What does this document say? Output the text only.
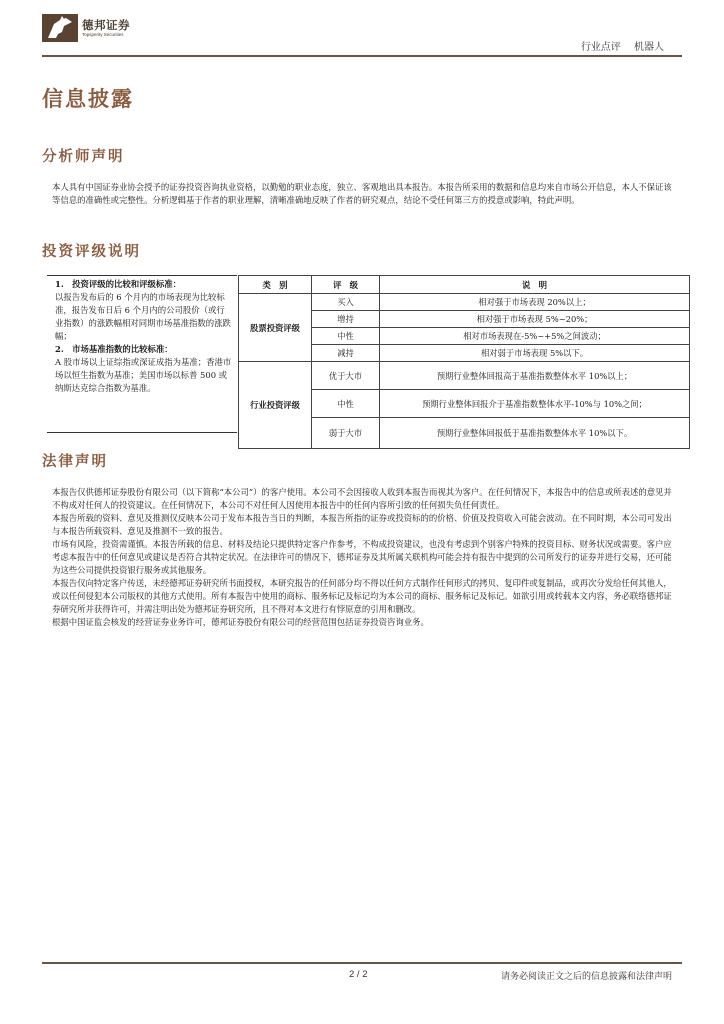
德邦证券
Topsperity Securities
行业点评 机器人
信息披露
分析师声明

本人具有中国证券业协会授予的证券投资咨询执业资格，以勤勉的职业态度，独立、客观地出具本报告。本报告所采用的数据和信息均来自市场公开信息，本人不保证该等信息的准确性或完整性。分析逻辑基于作者的职业理解，清晰准确地反映了作者的研究观点，结论不受任何第三方的授意或影响，特此声明。

投资评级说明

1.　投资评级的比较和评级标准：

以报告发布后的 6 个月内的市场表现为比较标准，报告发布日后 6 个月内的公司股价（或行业指数）的涨跌幅相对同期市场基准指数的涨跌幅；

2.　市场基准指数的比较标准：

A 股市场以上证综指或深证成指为基准；香港市场以恒生指数为基准；美国市场以标普 500 或纳斯达克综合指数为基准。

类　别	评　级	说　明
股票投资评级	买入	相对强于市场表现 20%以上；
	增持	相对强于市场表现 5%~20%；
	中性	相对市场表现在-5%~+5%之间波动；
	减持	相对弱于市场表现 5%以下。
行业投资评级	优于大市	预期行业整体回报高于基准指数整体水平 10%以上；
	中性	预期行业整体回报介于基准指数整体水平-10%与 10%之间；
	弱于大市	预期行业整体回报低于基准指数整体水平 10%以下。
法律声明

本报告仅供德邦证券股份有限公司（以下简称“本公司”）的客户使用。本公司不会因接收人收到本报告而视其为客户。在任何情况下，本报告中的信息或所表述的意见并不构成对任何人的投资建议。在任何情况下，本公司不对任何人因使用本报告中的任何内容所引致的任何损失负任何责任。

本报告所载的资料、意见及推测仅反映本公司于发布本报告当日的判断，本报告所指的证券或投资标的的价格、价值及投资收入可能会波动。在不同时期，本公司可发出与本报告所载资料、意见及推测不一致的报告。

市场有风险，投资需谨慎。本报告所载的信息、材料及结论只提供特定客户作参考，不构成投资建议，也没有考虑到个别客户特殊的投资目标、财务状况或需要。客户应考虑本报告中的任何意见或建议是否符合其特定状况。在法律许可的情况下，德邦证券及其所属关联机构可能会持有报告中提到的公司所发行的证券并进行交易，还可能为这些公司提供投资银行服务或其他服务。

本报告仅向特定客户传送，未经德邦证券研究所书面授权，本研究报告的任何部分均不得以任何方式制作任何形式的拷贝、复印件或复制品，或再次分发给任何其他人，或以任何侵犯本公司版权的其他方式使用。所有本报告中使用的商标、服务标记及标记均为本公司的商标、服务标记及标记。如欲引用或转载本文内容，务必联络德邦证券研究所并获得许可，并需注明出处为德邦证券研究所，且不得对本文进行有悖原意的引用和删改。

根据中国证监会核发的经营证券业务许可，德邦证券股份有限公司的经营范围包括证券投资咨询业务。

2 / 2	请务必阅读正文之后的信息披露和法律声明
